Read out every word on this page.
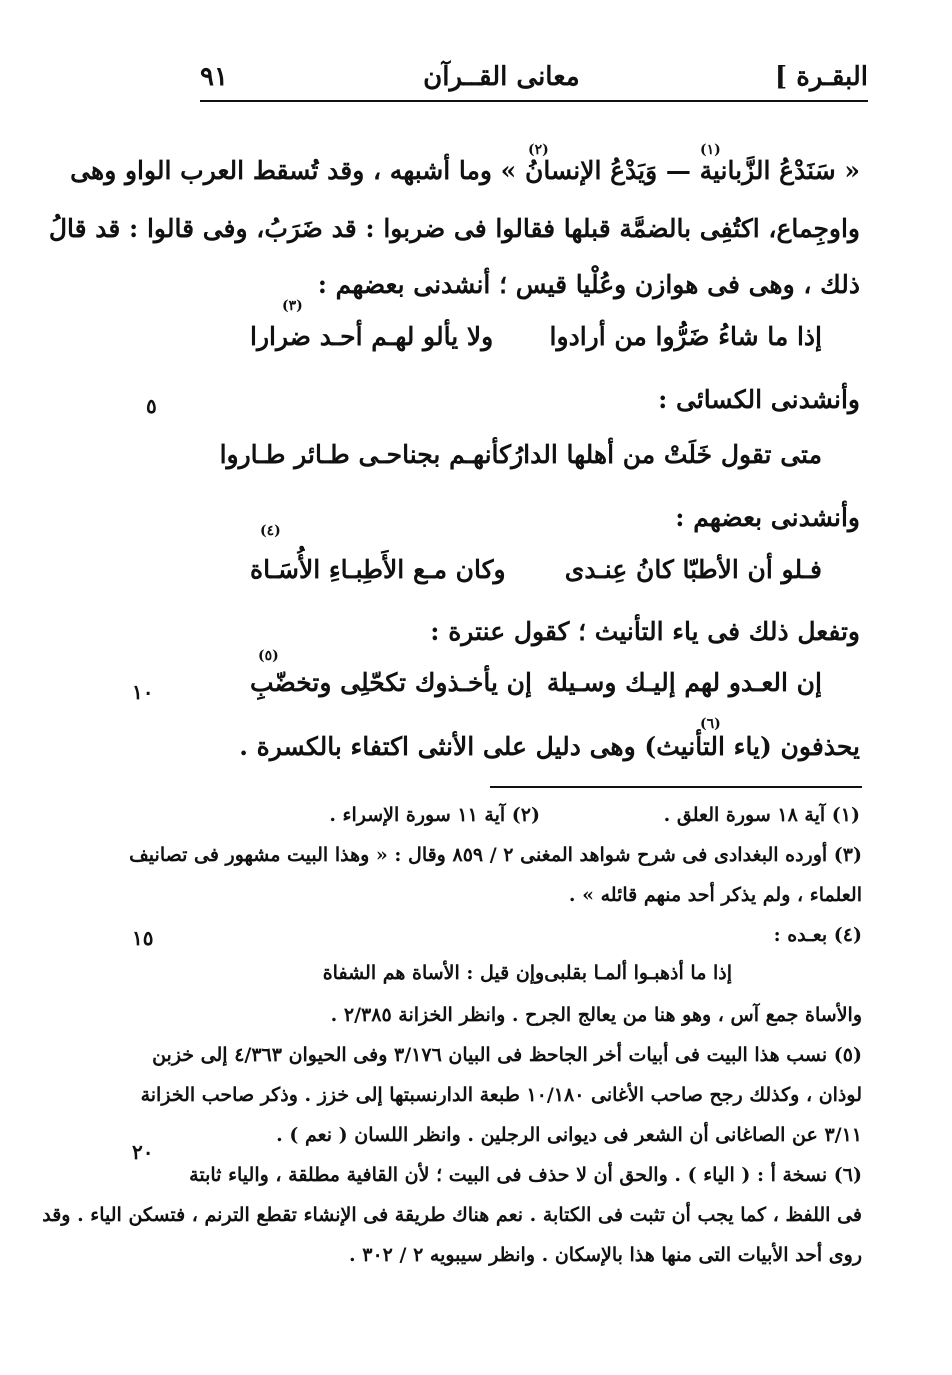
البقـرة ]
معانى القــرآن
٩١
(١)
(٢)
(٣)
(٤)
(٥)
(٦)
« سَنَدْعُ الزَّبانية — وَيَدْعُ الإنسانُ » وما أشبهه ، وقد تُسقط العرب الواو وهى
واوجِماع، اكتُفِى بالضمَّة قبلها فقالوا فى ضربوا : قد ضَرَبُ، وفى قالوا : قد قالُ
ذلك ، وهى فى هوازن وعُلْيا قيس ؛ أنشدنى بعضهم :
إذا ما شاءُ ضَرُّوا من أرادوا
ولا يألو لهـم أحـد ضرارا
وأنشدنى الكسائى :
متى تقول خَلَتْ من أهلها الدارُ
كأنهـم بجناحـى طـائر طـاروا
وأنشدنى بعضهم :
فـلو أن الأطبّا كانُ عِنـدى
وكان مـع الأَطِبـاءِ الأُسَـاة
وتفعل ذلك فى ياء التأنيث ؛ كقول عنترة :
إن العـدو لهم إليـك وسـيلة
إن يأخـذوك تكحّلِى وتخضّبِ
يحذفون (ياء التأنيث) وهى دليل على الأنثى اكتفاء بالكسرة .
(١) آية ١٨ سورة العلق .
(٢) آية ١١ سورة الإسراء .
(٣) أورده البغدادى فى شرح شواهد المغنى ٢ / ٨٥٩ وقال : « وهذا البيت مشهور فى تصانيف
العلماء ، ولم يذكر أحد منهم قائله » .
(٤) بعـده :
إذا ما أذهبـوا ألمـا بقلبى
وإن قيل : الأساة هم الشفاة
والأساة جمع آس ، وهو هنا من يعالج الجرح . وانظر الخزانة ٢/٣٨٥ .
(٥) نسب هذا البيت فى أبيات أخر الجاحظ فى البيان ٣/١٧٦ وفى الحيوان ٤/٣٦٣ إلى خزبن
لوذان ، وكذلك رجح صاحب الأغانى ١٠/١٨٠ طبعة الدارنسبتها إلى خزز . وذكر صاحب الخزانة
٣/١١ عن الصاغانى أن الشعر فى ديوانى الرجلين . وانظر اللسان ( نعم ) .
(٦) نسخة أ : ( الياء ) . والحق أن لا حذف فى البيت ؛ لأن القافية مطلقة ، والياء ثابتة
فى اللفظ ، كما يجب أن تثبت فى الكتابة . نعم هناك طريقة فى الإنشاء تقطع الترنم ، فتسكن الياء . وقد
روى أحد الأبيات التى منها هذا بالإسكان . وانظر سيبويه ٢ / ٣٠٢ .
٥
١٠
١٥
٢٠
